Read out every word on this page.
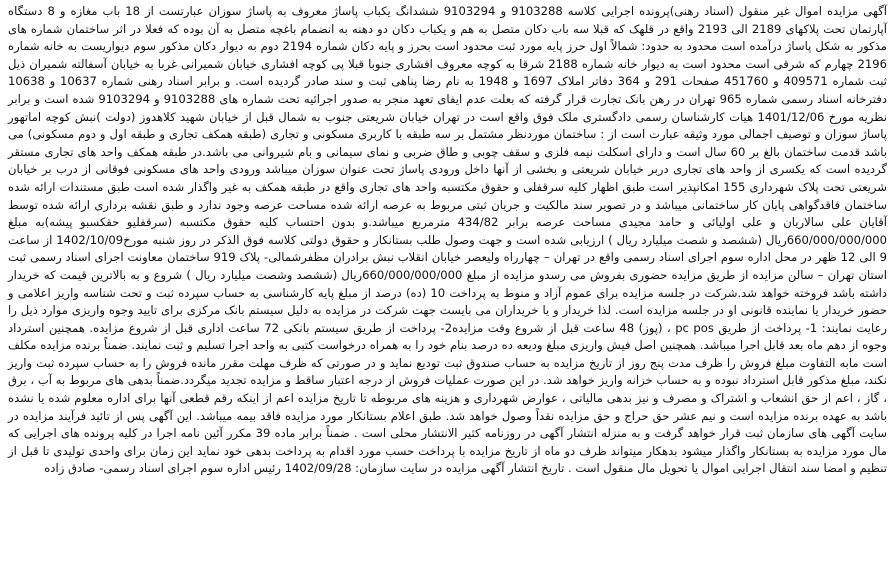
آگهی مزایده اموال غیر منقول (اسناد رهنی)پرونده اجرایی کلاسه 9103288 و 9103294 ششدانگ یکباب پاساژ معروف به پاساژ سوزان عبارتست از 18 باب مغازه و 8 دستگاه آپارتمان تحت پلاکهای 2189 الی 2193 واقع در قلهک که قبلا سه باب دکان متصل به هم و یکباب دکان دو دهنه به انضمام باغچه متصل به آن بوده که فعلا در اثر ساختمان شماره های مذکور به شکل پاساژ درآمده است محدود به حدود: شمالاً اول حرز پایه مورد ثبت محدود است بحرز و پایه دکان شماره 2194 دوم به دیوار دکان مذکور سوم دیواریست به خانه شماره 2196 چهارم که شرقی است محدود است به دیوار خانه شماره 2188 شرقا به کوچه معروف افشاری جنوبا قبلا پی کوچه افشاری خیابان شمیرانی غربا به خیابان آسفالته شمیران ذیل ثبت شماره 409571 و 451760 صفحات 291 و 364 دفاتر املاک 1697 و 1948 به نام رضا پناهی ثبت و سند صادر گردیده است. و برابر اسناد رهنی شماره 10637 و 10638 دفترخانه اسناد رسمی شماره 965 تهران در رهن بانک تجارت قرار گرفته که بعلت عدم ایفای تعهد منجر به صدور اجرائیه تحت شماره های 9103288 و 9103294 شده است و برابر نظریه مورخ 1401/12/06 هیات کارشناسان رسمی دادگستری ملک فوق واقع است در تهران خیابان شریعتی جنوب به شمال قبل از خیابان شهید کلاهدوز (دولت )نبش کوچه اماتهور پاساژ سوزان و توصیف اجمالی مورد وثیقه عبارت است از : ساختمان موردنظر مشتمل بر سه طبقه با کاربری مسکونی و تجاری (طبقه همکف تجاری و طبقه اول و دوم مسکونی) می باشد قدمت ساختمان بالغ بر 60 سال است و دارای اسکلت نیمه فلزی و سقف چوبی و طاق ضربی و نمای سیمانی و بام شیروانی می باشد.در طبقه همکف واحد های تجاری مستقر گردیده است که یکسری از واحد های تجاری دربر خیابان شریعتی و بخشی از آنها داخل ورودی پاساژ تحت عنوان سوزان میباشد ورودی واحد های مسکونی فوقانی از درب بر خیابان شریعتی تحت پلاک شهرداری 155 امکانپذیر است طبق اظهار کلیه سرقفلی و حقوق مکتسبه واحد های تجاری واقع در طبقه همکف به غیر واگذار شده است طبق مستندات ارائه شده ساختمان فاقدگواهی پایان کار ساختمانی میباشد و در تصویر سند مالکیت و جریان ثبتی مربوط به عرصه ارائه شده مساحت عرصه وجود ندارد و طبق نقشه برداری ارائه شده توسط آقایان علی سالاریان و علی اولیائی و حامد مجیدی مساحت عرصه برابر 434/82 مترمربع میباشد.و بدون احتساب کلیه حقوق مکتسبه (سرقفلیو حقکسبو پیشه)به مبلغ 660/000/000/000ریال (ششصد و شصت میلیارد ریال ) ارزیابی شده است و جهت وصول طلب بستانکار و حقوق دولتی کلاسه فوق الذکر در روز شنبه مورخ1402/10/09 از ساعت 9 الی 12 ظهر در محل اداره سوم اجرای اسناد رسمی واقع در تهران – چهارراه ولیعصر خیابان انقلاب نبش برادران مظفرشمالی- پلاک 919 ساختمان معاونت اجرای اسناد رسمی ثبت استان تهران – سالن مزایده از طریق مزایده حضوری بفروش می رسدو مزایده از مبلغ 660/000/000/000ریال (ششصد وشصت میلیارد ریال ) شروع و به بالاترین قیمت که خریدار داشته باشد فروخته خواهد شد.شرکت در جلسه مزایده برای عموم آزاد و منوط به پرداخت 10 (ده) درصد از مبلغ پایه کارشناسی به حساب سپرده ثبت و تحت شناسه واریز اعلامی و حضور خریدار یا نماینده قانونی او در جلسه مزایده است. لذا خریدار و یا خریداران می بایست جهت شرکت در مزایده به دلیل سیستم بانک مرکزی برای تایید وجوه واریزی موارد ذیل را رعایت نمایند: 1- پرداخت از طریق pc pos ، (پوز) 48 ساعت قبل از شروع وقت مزایده2- پرداخت از طریق سیستم بانکی 72 ساعت اداری قبل از شروع مزایده. همچنین استرداد وجوه از دهم ماه بعد قابل اجرا میباشد. همچنین اصل فیش واریزی مبلغ ودیعه ده درصد بنام خود را به همراه درخواست کتبی به واحد اجرا تسلیم و ثبت نمایند. ضمناً برنده مزایده مکلف است مابه التفاوت مبلغ فروش را ظرف مدت پنج روز از تاریخ مزایده به حساب صندوق ثبت تودیع نماید و در صورتی که ظرف مهلت مقرر مانده فروش را به حساب سپرده ثبت واریز نکند، مبلغ مذکور قابل استرداد نبوده و به حساب خزانه واریز خواهد شد. در این صورت عملیات فروش از درجه اعتبار ساقط و مزایده تجدید میگردد.ضمناً بدهی های مربوط به آب ، برق ، گاز ، اعم از حق انشعاب و اشتراک و مصرف و نیز بدهی مالیاتی ، عوارض شهرداری و هزینه های مربوطه تا تاریخ مزایده اعم از اینکه رقم قطعی آنها برای اداره معلوم شده یا نشده باشد به عهده برنده مزایده است و نیم عشر حق حراج و حق مزایده نقداً وصول خواهد شد. طبق اعلام بستانکار مورد مزایده فاقد بیمه میباشد. این آگهی پس از تائید فرآیند مزایده در سایت آگهی های سازمان ثبت قرار خواهد گرفت و به منزله انتشار آگهی در روزنامه کثیر الانتشار محلی است . ضمناً برابر ماده 39 مکرر آئین نامه اجرا در کلیه پرونده های اجرایی که مال مورد مزایده به بستانکار واگذار میشود بدهکار میتواند ظرف دو ماه از تاریخ مزایده با پرداخت حسب مورد اقدام به پرداخت بدهی خود نماید این زمان برای واحدی تولیدی تا قبل از تنظیم و امضا سند انتقال اجرایی اموال یا تحویل مال منقول است . تاریخ انتشار آگهی مزایده در سایت سازمان: 1402/09/28 رئیس اداره سوم اجرای اسناد رسمی- صادق زاده
